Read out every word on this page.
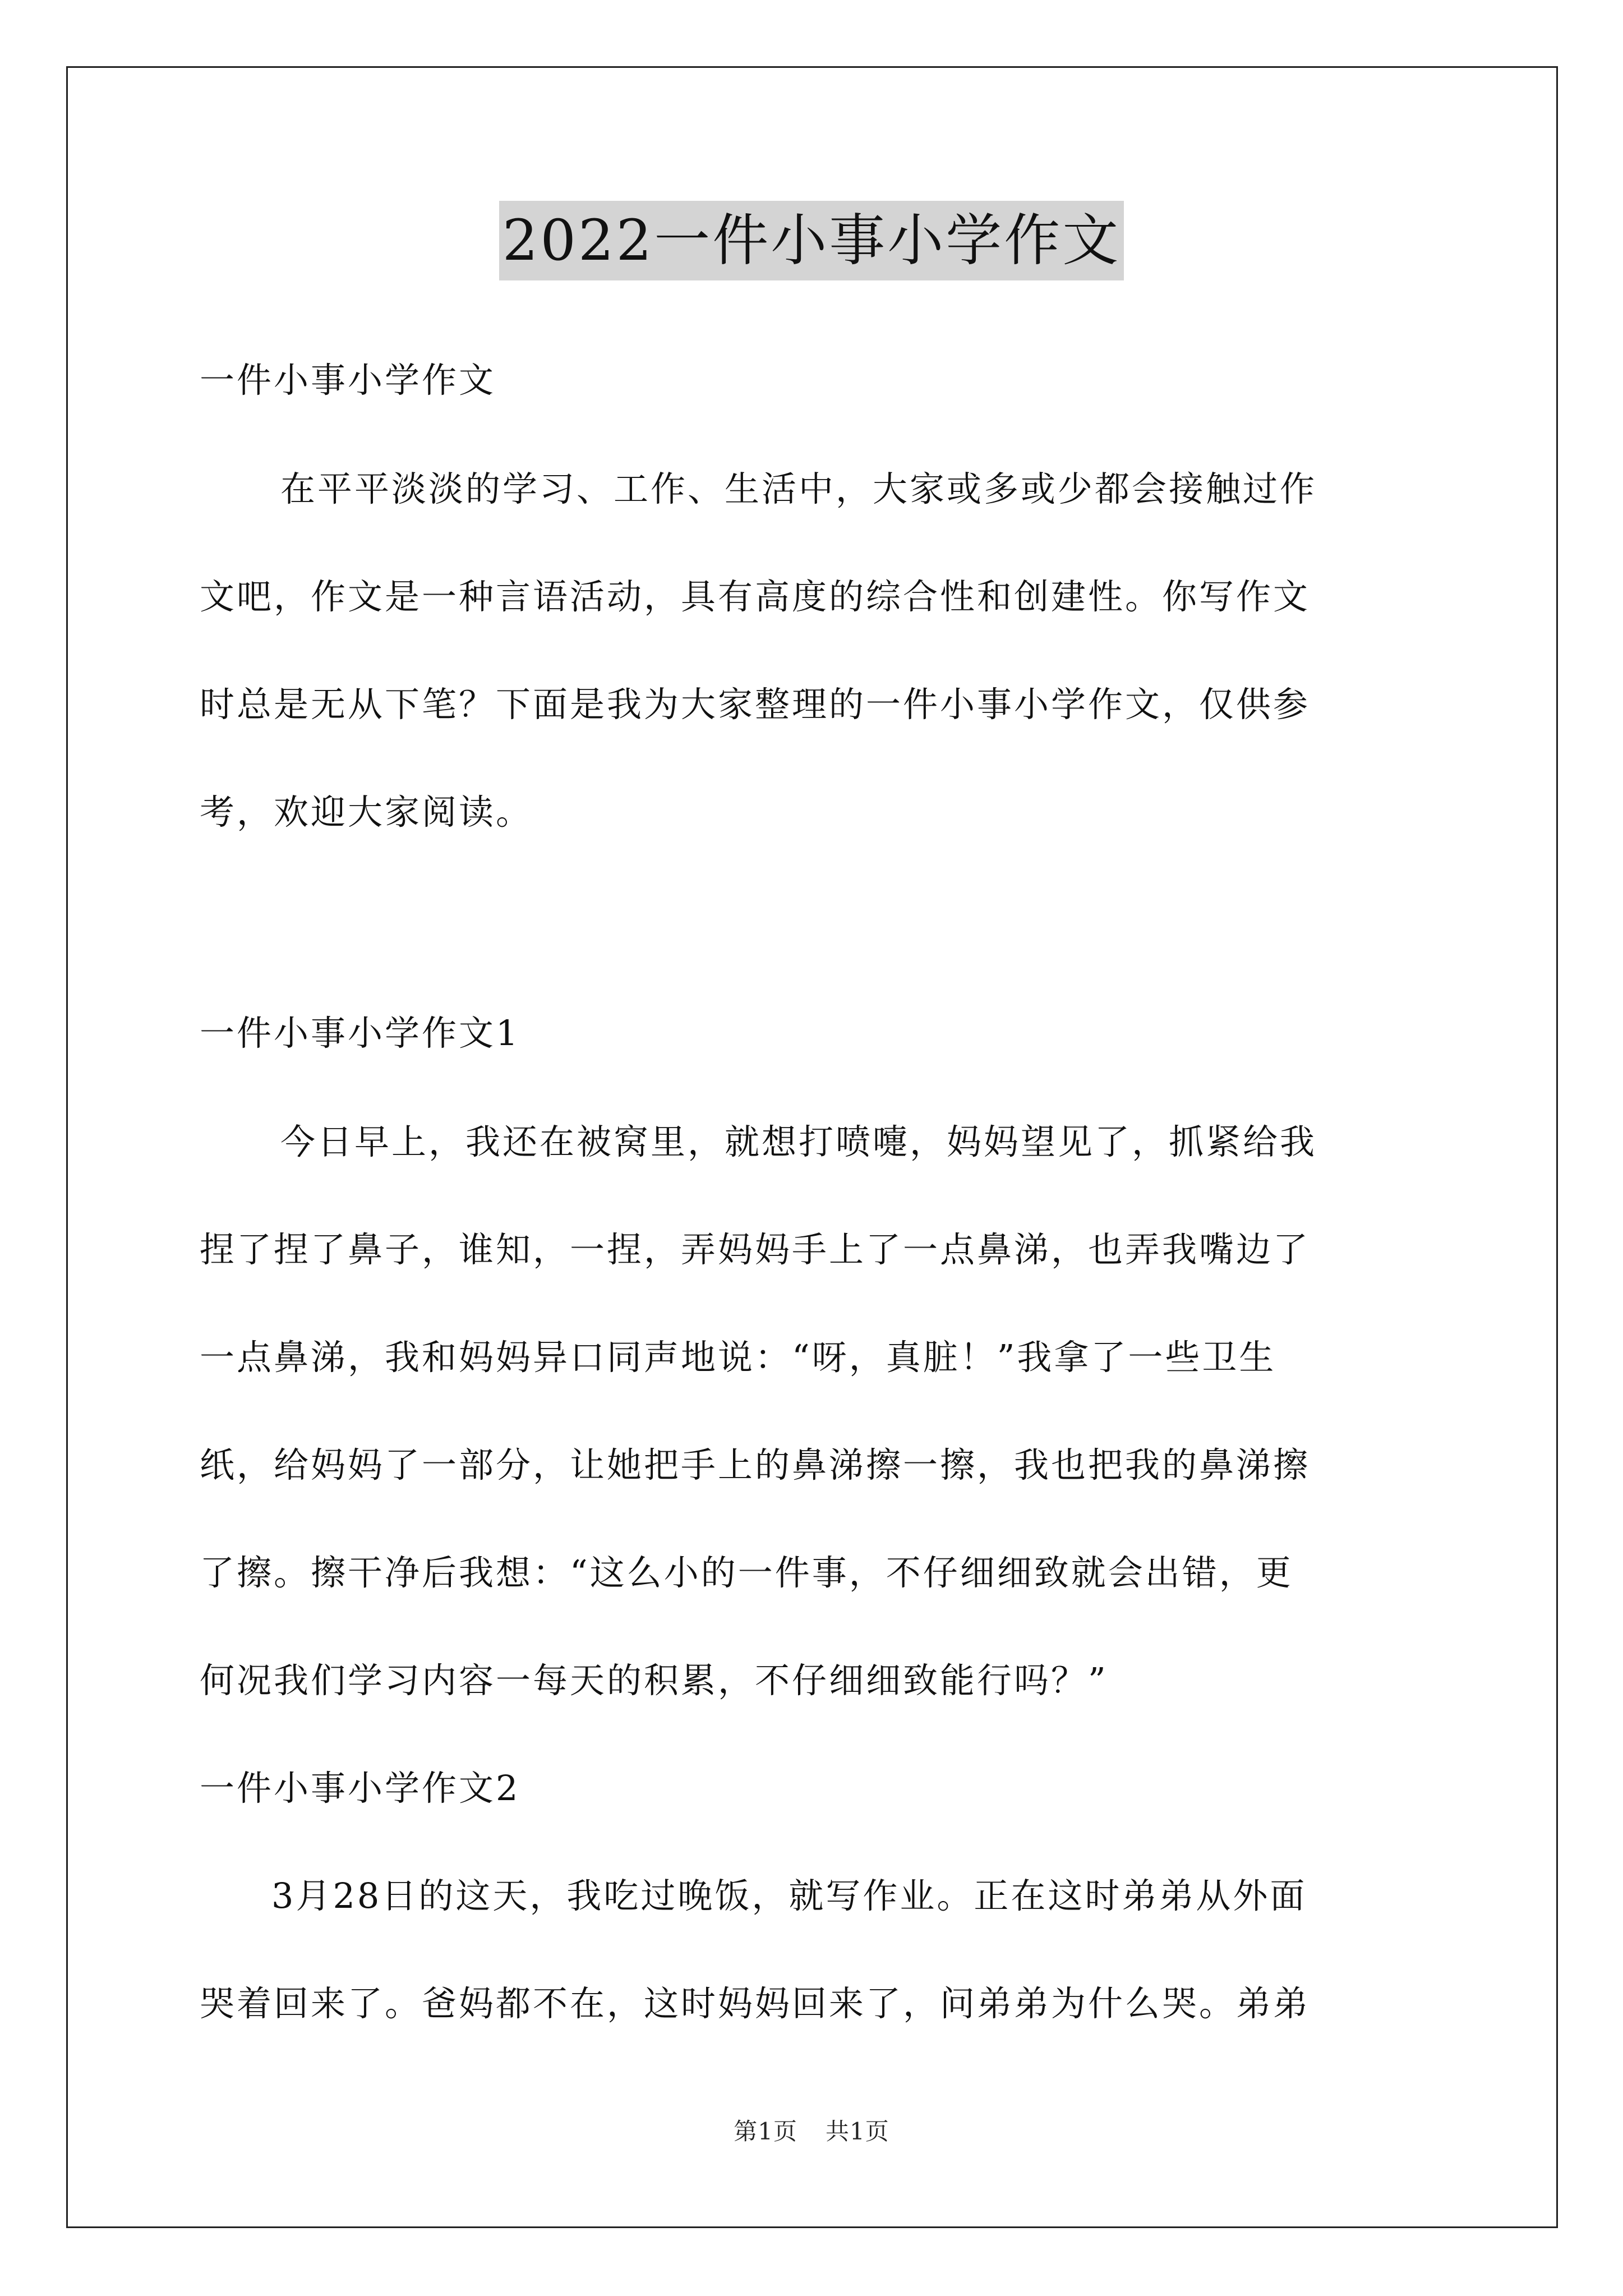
2022一件小事小学作文

一件小事小学作文

在平平淡淡的学习、工作、生活中，大家或多或少都会接触过作

文吧，作文是一种言语活动，具有高度的综合性和创建性。你写作文

时总是无从下笔？下面是我为大家整理的一件小事小学作文，仅供参

考，欢迎大家阅读。

一件小事小学作文1

今日早上，我还在被窝里，就想打喷嚏，妈妈望见了，抓紧给我

捏了捏了鼻子，谁知，一捏，弄妈妈手上了一点鼻涕，也弄我嘴边了

一点鼻涕，我和妈妈异口同声地说：“呀，真脏！”我拿了一些卫生

纸，给妈妈了一部分，让她把手上的鼻涕擦一擦，我也把我的鼻涕擦

了擦。擦干净后我想：“这么小的一件事，不仔细细致就会出错，更

何况我们学习内容一每天的积累，不仔细细致能行吗？”

一件小事小学作文2

3月28日的这天，我吃过晚饭，就写作业。正在这时弟弟从外面

哭着回来了。爸妈都不在，这时妈妈回来了，问弟弟为什么哭。弟弟

第1页 共1页
